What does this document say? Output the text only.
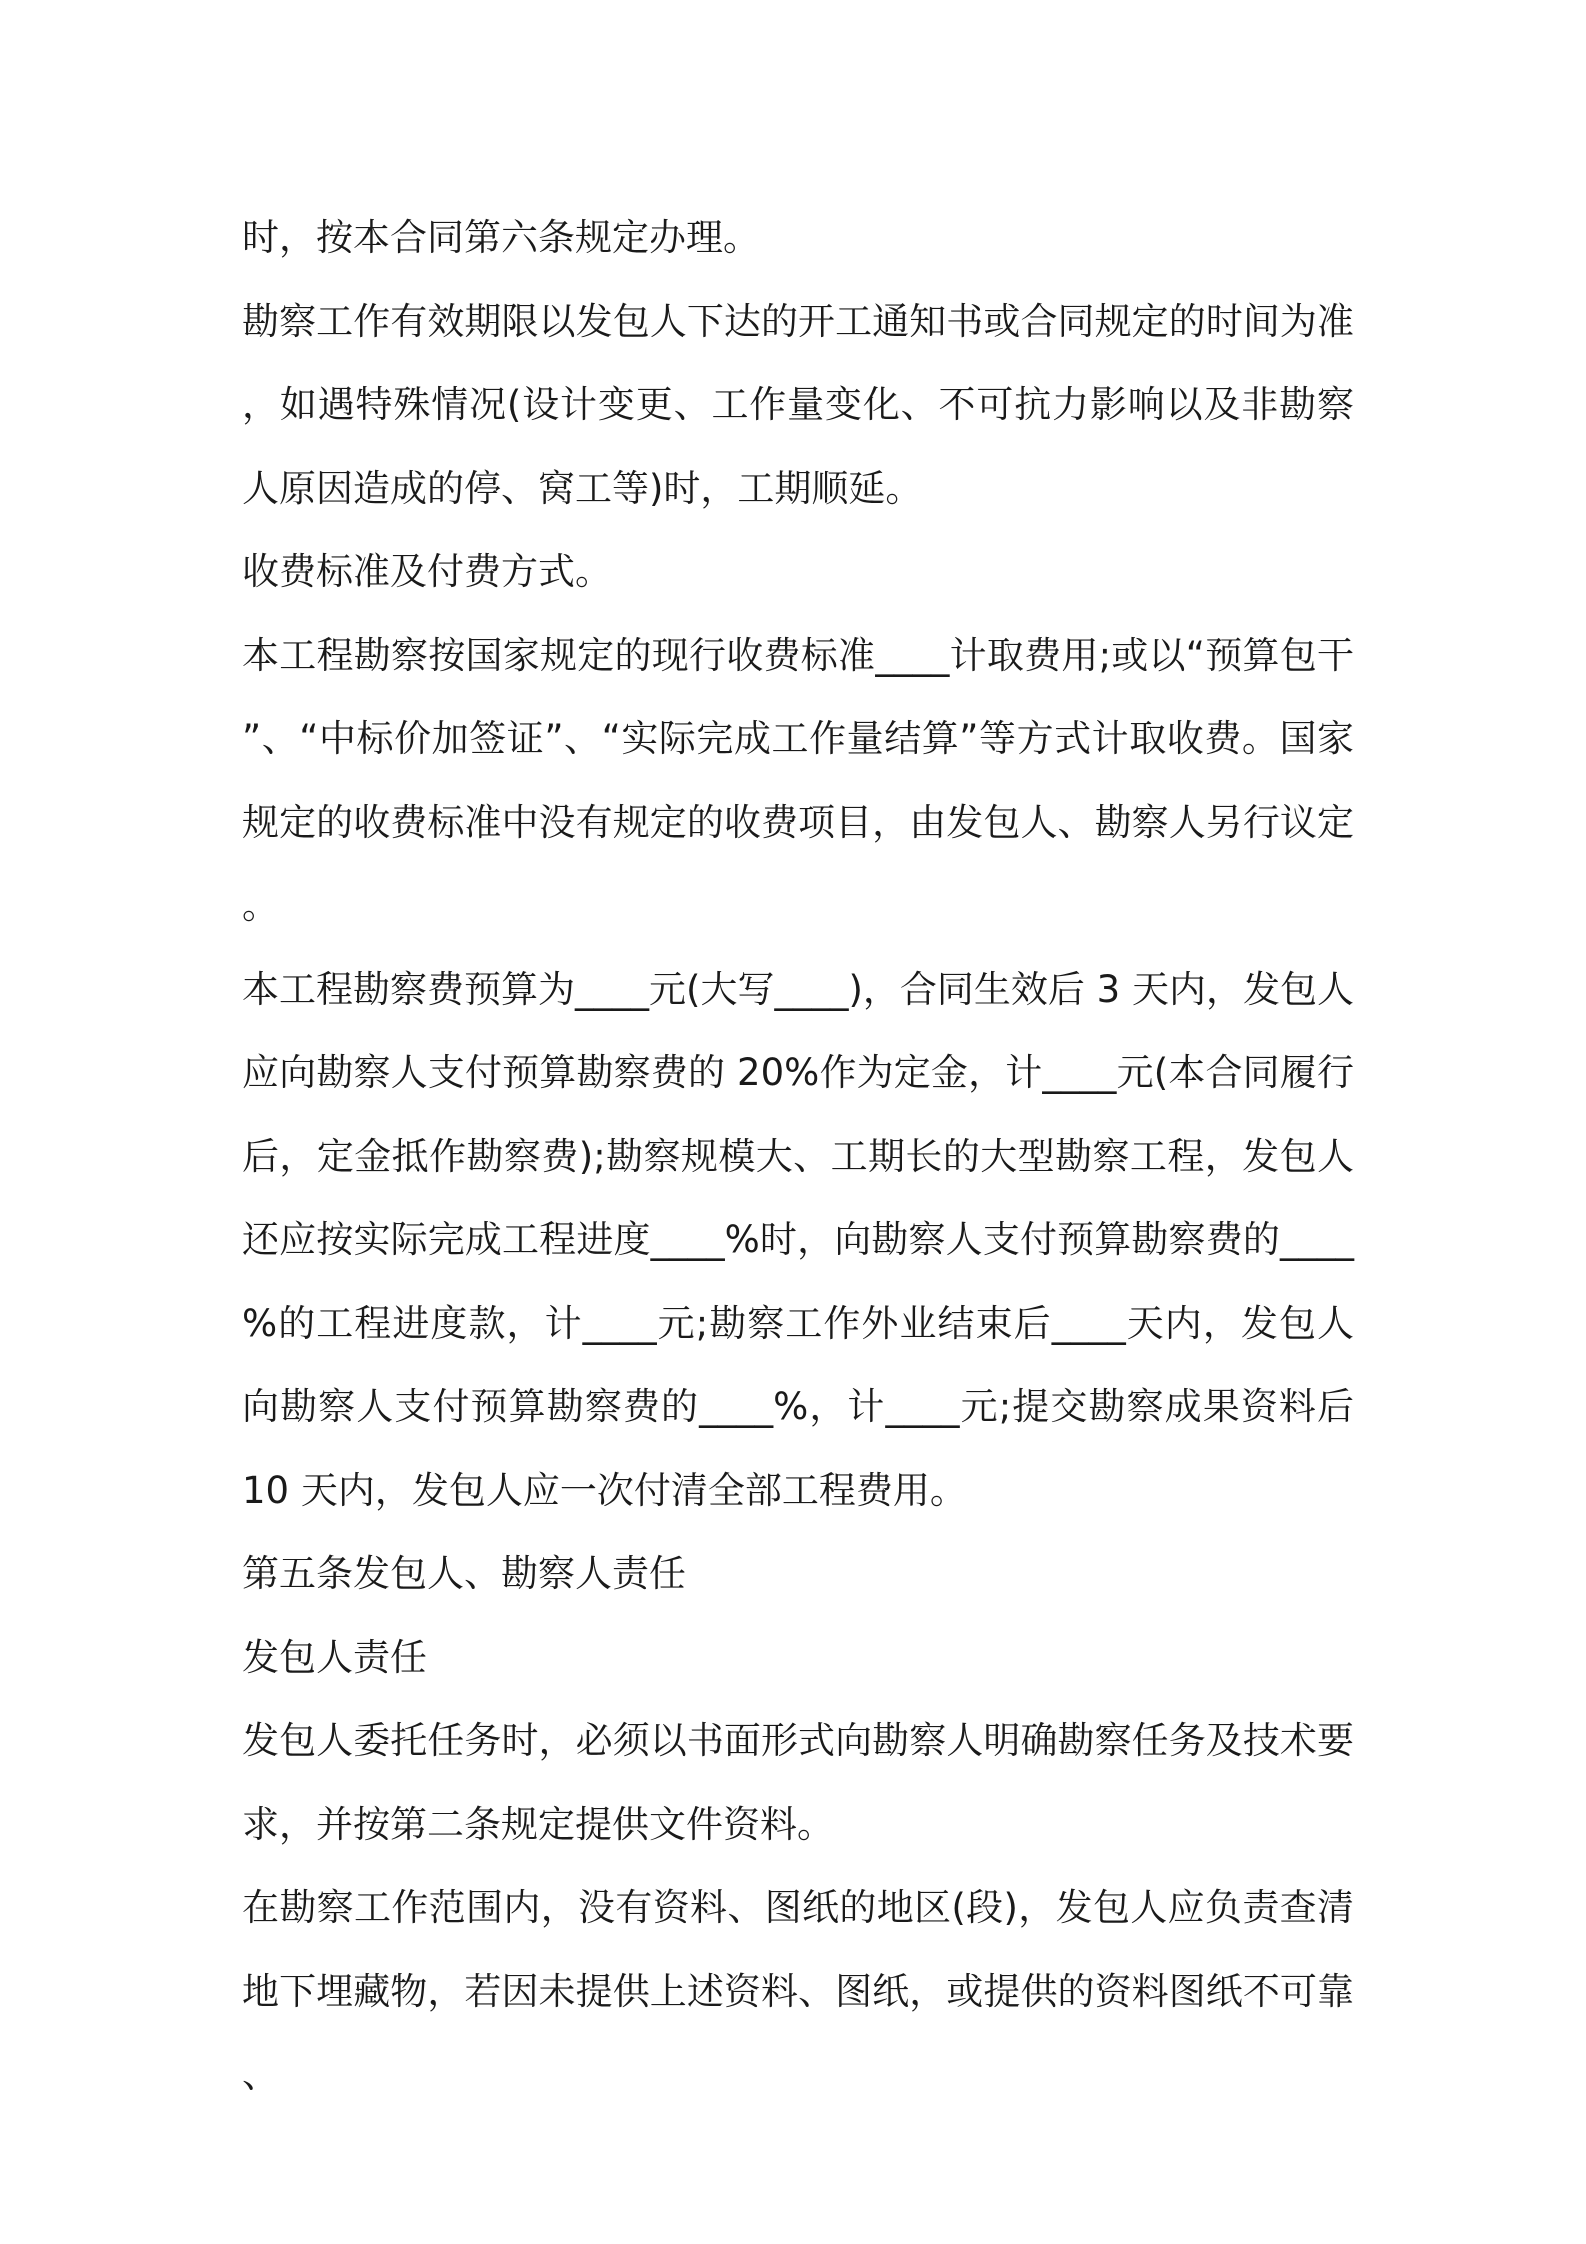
时，按本合同第六条规定办理。

勘察工作有效期限以发包人下达的开工通知书或合同规定的时间为准，如遇特殊情况(设计变更、工作量变化、不可抗力影响以及非勘察人原因造成的停、窝工等)时，工期顺延。

收费标准及付费方式。

本工程勘察按国家规定的现行收费标准____计取费用;或以“预算包干”、“中标价加签证”、“实际完成工作量结算”等方式计取收费。国家规定的收费标准中没有规定的收费项目，由发包人、勘察人另行议定。

本工程勘察费预算为____元(大写____)，合同生效后 3 天内，发包人应向勘察人支付预算勘察费的 20%作为定金，计____元(本合同履行后，定金抵作勘察费);勘察规模大、工期长的大型勘察工程，发包人还应按实际完成工程进度____%时，向勘察人支付预算勘察费的____%的工程进度款，计____元;勘察工作外业结束后____天内，发包人向勘察人支付预算勘察费的____%，计____元;提交勘察成果资料后 10 天内，发包人应一次付清全部工程费用。

第五条发包人、勘察人责任

发包人责任

发包人委托任务时，必须以书面形式向勘察人明确勘察任务及技术要求，并按第二条规定提供文件资料。

在勘察工作范围内，没有资料、图纸的地区(段)，发包人应负责查清地下埋藏物，若因未提供上述资料、图纸，或提供的资料图纸不可靠、
